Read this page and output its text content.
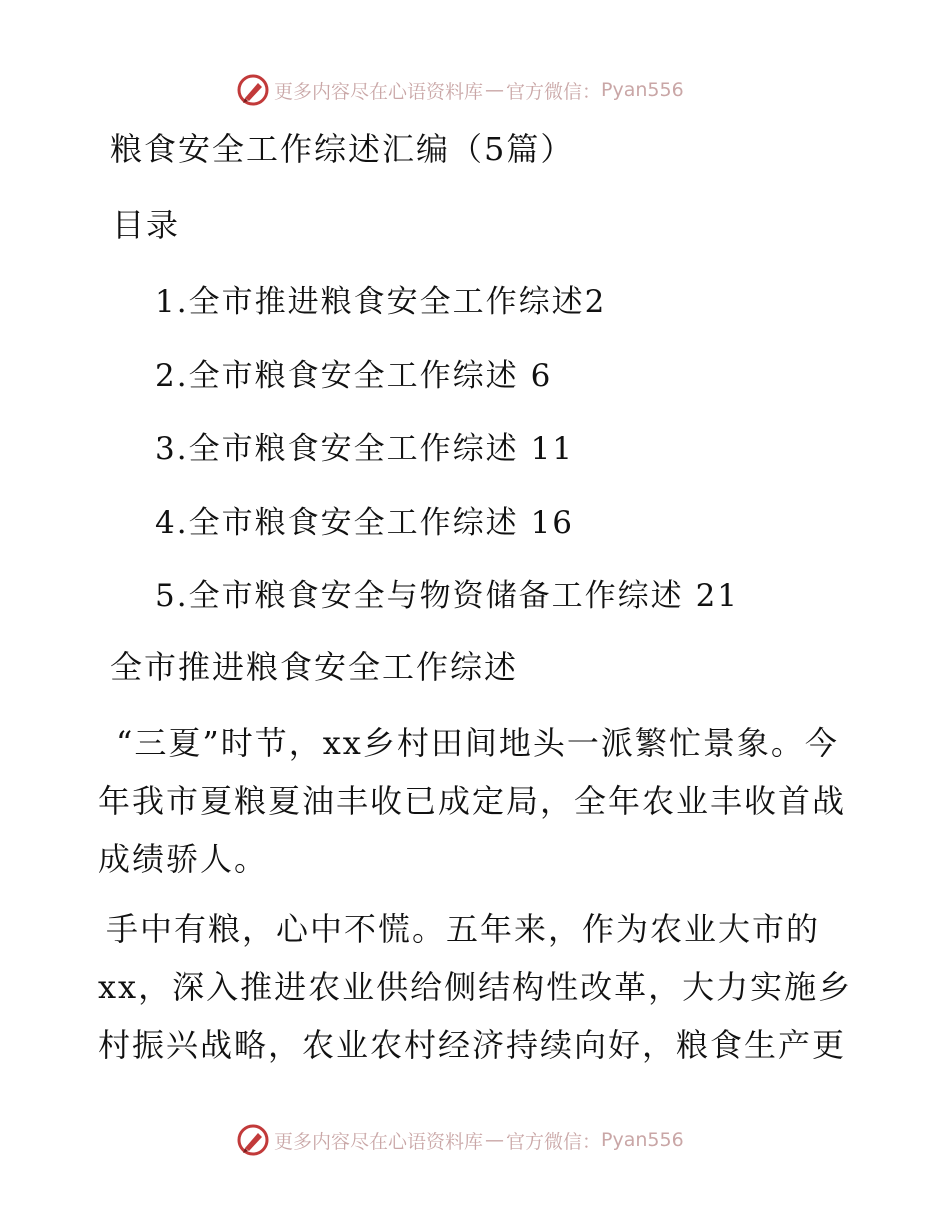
更多内容尽在心语资料库 — 官方微信： Pyan556
粮食安全工作综述汇编（5篇）
目录
1.全市推进粮食安全工作综述2
2.全市粮食安全工作综述 6
3.全市粮食安全工作综述 11
4.全市粮食安全工作综述 16
5.全市粮食安全与物资储备工作综述 21
全市推进粮食安全工作综述

“三夏”时节，xx乡村田间地头一派繁忙景象。今年我市夏粮夏油丰收已成定局，全年农业丰收首战成绩骄人。

手中有粮，心中不慌。五年来，作为农业大市的xx，深入推进农业供给侧结构性改革，大力实施乡村振兴战略，农业农村经济持续向好，粮食生产更

更多内容尽在心语资料库 — 官方微信： Pyan556
